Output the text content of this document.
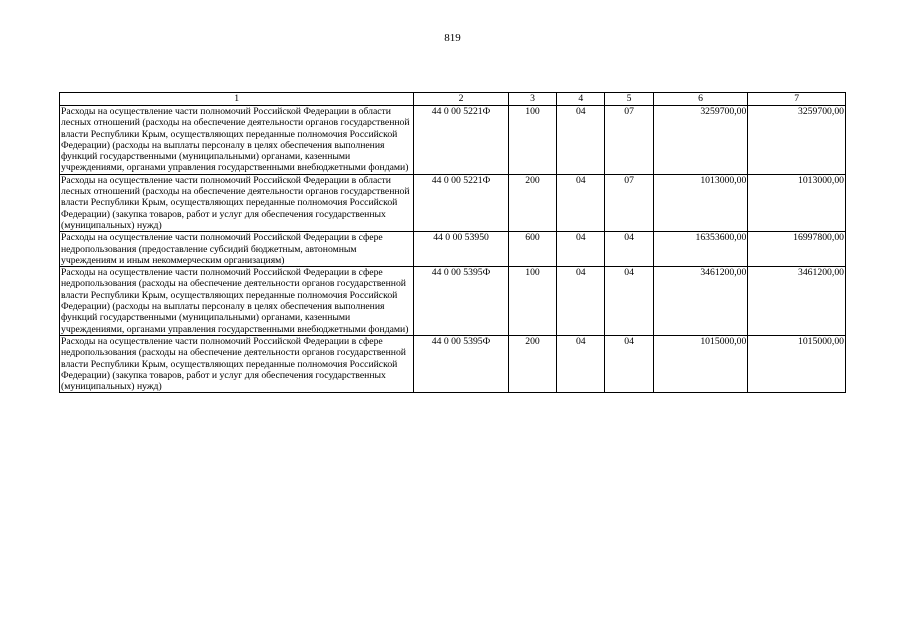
819
1	2	3	4	5	6	7
Расходы на осуществление части полномочий Российской Федерации в области лесных отношений (расходы на обеспечение деятельности органов государственной власти Республики Крым, осуществляющих переданные полномочия Российской Федерации) (расходы на выплаты персоналу в целях обеспечения выполнения функций государственными (муниципальными) органами, казенными учреждениями, органами управления государственными внебюджетными фондами)	44 0 00 5221Ф	100	04	07	3259700,00	3259700,00
Расходы на осуществление части полномочий Российской Федерации в области лесных отношений (расходы на обеспечение деятельности органов государственной власти Республики Крым, осуществляющих переданные полномочия Российской Федерации) (закупка товаров, работ и услуг для обеспечения государственных (муниципальных) нужд)	44 0 00 5221Ф	200	04	07	1013000,00	1013000,00
Расходы на осуществление части полномочий Российской Федерации в сфере недропользования (предоставление субсидий бюджетным, автономным учреждениям и иным некоммерческим организациям)	44 0 00 53950	600	04	04	16353600,00	16997800,00
Расходы на осуществление части полномочий Российской Федерации в сфере недропользования (расходы на обеспечение деятельности органов государственной власти Республики Крым, осуществляющих переданные полномочия Российской Федерации) (расходы на выплаты персоналу в целях обеспечения выполнения функций государственными (муниципальными) органами, казенными учреждениями, органами управления государственными внебюджетными фондами)	44 0 00 5395Ф	100	04	04	3461200,00	3461200,00
Расходы на осуществление части полномочий Российской Федерации в сфере недропользования (расходы на обеспечение деятельности органов государственной власти Республики Крым, осуществляющих переданные полномочия Российской Федерации) (закупка товаров, работ и услуг для обеспечения государственных (муниципальных) нужд)	44 0 00 5395Ф	200	04	04	1015000,00	1015000,00
